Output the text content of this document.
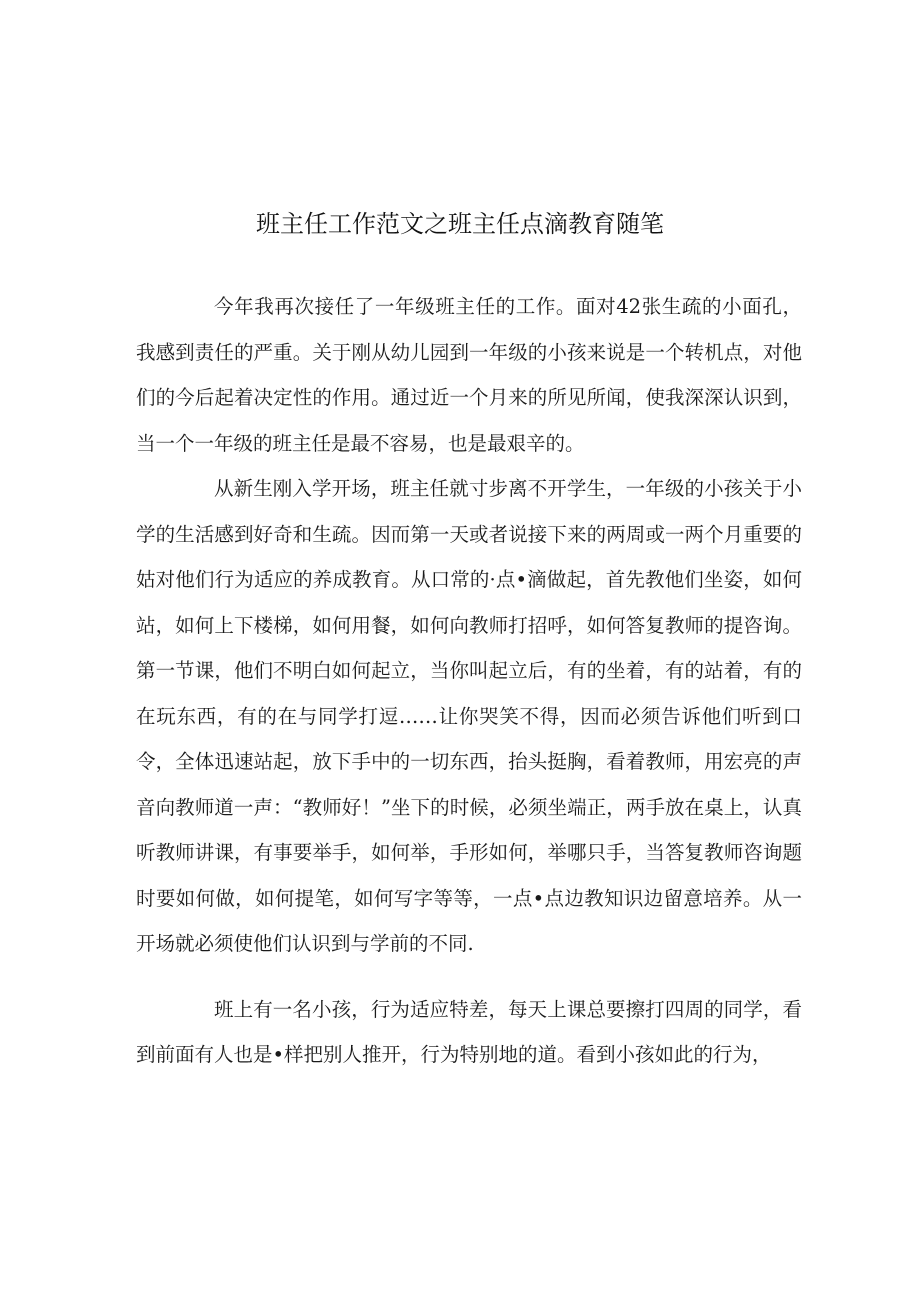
班主任工作范文之班主任点滴教育随笔

今年我再次接任了一年级班主任的工作。面对42张生疏的小面孔，我感到责任的严重。关于刚从幼儿园到一年级的小孩来说是一个转机点，对他们的今后起着决定性的作用。通过近一个月来的所见所闻，使我深深认识到，当一个一年级的班主任是最不容易，也是最艰辛的。

从新生刚入学开场，班主任就寸步离不开学生，一年级的小孩关于小学的生活感到好奇和生疏。因而第一天或者说接下来的两周或一两个月重要的姑对他们行为适应的养成教育。从口常的·点•滴做起，首先教他们坐姿，如何站，如何上下楼梯，如何用餐，如何向教师打招呼，如何答复教师的提咨询。第一节课，他们不明白如何起立，当你叫起立后，有的坐着，有的站着，有的在玩东西，有的在与同学打逗……让你哭笑不得，因而必须告诉他们听到口令，全体迅速站起，放下手中的一切东西，抬头挺胸，看着教师，用宏亮的声音向教师道一声：“教师好！”坐下的时候，必须坐端正，两手放在桌上，认真听教师讲课，有事要举手，如何举，手形如何，举哪只手，当答复教师咨询题时要如何做，如何提笔，如何写字等等，一点•点边教知识边留意培养。从一开场就必须使他们认识到与学前的不同.

班上有一名小孩，行为适应特差，每天上课总要擦打四周的同学，看到前面有人也是•样把别人推开，行为特别地的道。看到小孩如此的行为，
